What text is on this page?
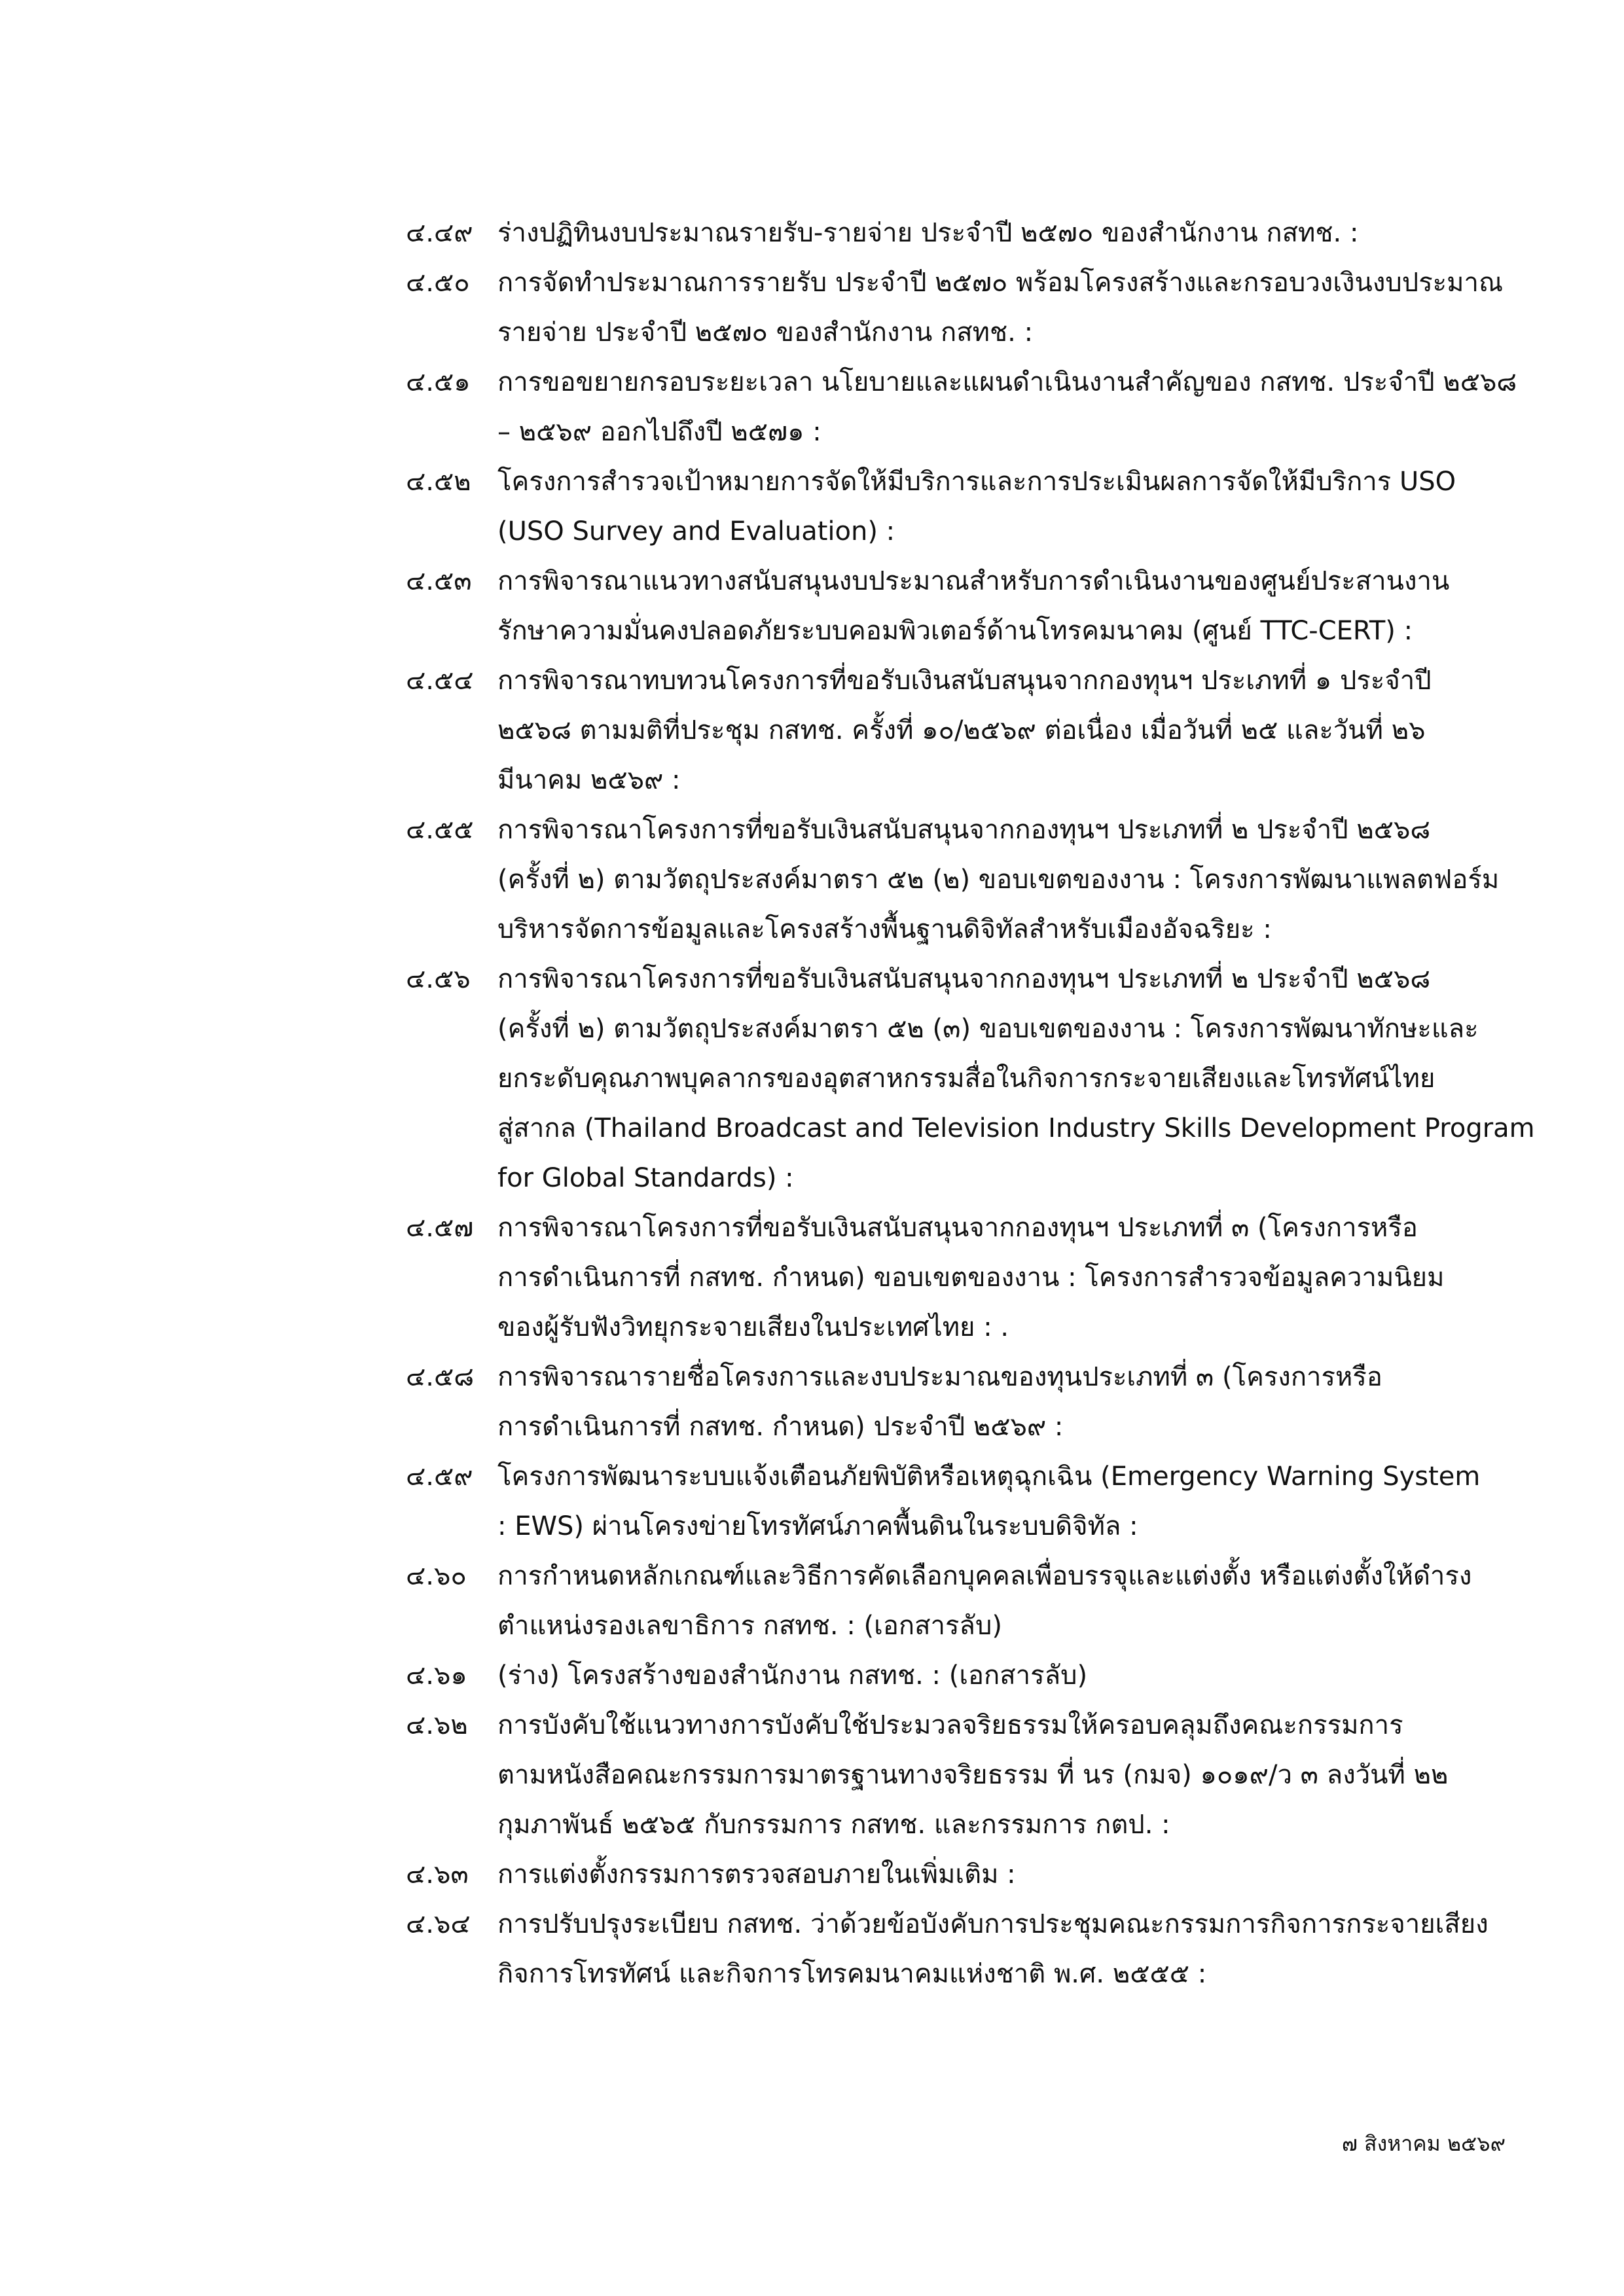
๔.๔๙ ร่างปฏิทินงบประมาณรายรับ-รายจ่าย ประจำปี ๒๕๗๐ ของสำนักงาน กสทช. :
๔.๕๐	การจัดทำประมาณการรายรับ ประจำปี ๒๕๗๐ พร้อมโครงสร้างและกรอบวงเงินงบประมาณ
รายจ่าย ประจำปี ๒๕๗๐ ของสำนักงาน กสทช. :
๔.๕๑	การขอขยายกรอบระยะเวลา นโยบายและแผนดำเนินงานสำคัญของ กสทช. ประจำปี ๒๕๖๘
– ๒๕๖๙ ออกไปถึงปี ๒๕๗๑ :
๔.๕๒	โครงการสำรวจเป้าหมายการจัดให้มีบริการและการประเมินผลการจัดให้มีบริการ USO
(USO Survey and Evaluation) :
๔.๕๓ การพิจารณาแนวทางสนับสนุนงบประมาณสำหรับการดำเนินงานของศูนย์ประสานงาน
รักษาความมั่นคงปลอดภัยระบบคอมพิวเตอร์ด้านโทรคมนาคม (ศูนย์ TTC-CERT) :
๔.๕๔ การพิจารณาทบทวนโครงการที่ขอรับเงินสนับสนุนจากกองทุนฯ ประเภทที่ ๑ ประจำปี
๒๕๖๘ ตามมติที่ประชุม กสทช. ครั้งที่ ๑๐/๒๕๖๙ ต่อเนื่อง เมื่อวันที่ ๒๕ และวันที่ ๒๖
มีนาคม ๒๕๖๙ :
๔.๕๕ การพิจารณาโครงการที่ขอรับเงินสนับสนุนจากกองทุนฯ ประเภทที่ ๒ ประจำปี ๒๕๖๘
(ครั้งที่ ๒) ตามวัตถุประสงค์มาตรา ๕๒ (๒) ขอบเขตของงาน : โครงการพัฒนาแพลตฟอร์ม
บริหารจัดการข้อมูลและโครงสร้างพื้นฐานดิจิทัลสำหรับเมืองอัจฉริยะ :
๔.๕๖	การพิจารณาโครงการที่ขอรับเงินสนับสนุนจากกองทุนฯ ประเภทที่ ๒ ประจำปี ๒๕๖๘
(ครั้งที่ ๒) ตามวัตถุประสงค์มาตรา ๕๒ (๓) ขอบเขตของงาน : โครงการพัฒนาทักษะและ
ยกระดับคุณภาพบุคลากรของอุตสาหกรรมสื่อในกิจการกระจายเสียงและโทรทัศน์ไทย
สู่สากล (Thailand Broadcast and Television Industry Skills Development Program
for Global Standards) :
๔.๕๗ การพิจารณาโครงการที่ขอรับเงินสนับสนุนจากกองทุนฯ ประเภทที่ ๓ (โครงการหรือ
การดำเนินการที่ กสทช. กำหนด) ขอบเขตของงาน : โครงการสำรวจข้อมูลความนิยม
ของผู้รับฟังวิทยุกระจายเสียงในประเทศไทย : .
๔.๕๘ การพิจารณารายชื่อโครงการและงบประมาณของทุนประเภทที่ ๓ (โครงการหรือ
การดำเนินการที่ กสทช. กำหนด) ประจำปี ๒๕๖๙ :
๔.๕๙ โครงการพัฒนาระบบแจ้งเตือนภัยพิบัติหรือเหตุฉุกเฉิน (Emergency Warning System
: EWS) ผ่านโครงข่ายโทรทัศน์ภาคพื้นดินในระบบดิจิทัล :
๔.๖๐	การกำหนดหลักเกณฑ์และวิธีการคัดเลือกบุคคลเพื่อบรรจุและแต่งตั้ง หรือแต่งตั้งให้ดำรง
ตำแหน่งรองเลขาธิการ กสทช. : (เอกสารลับ)
๔.๖๑	(ร่าง) โครงสร้างของสำนักงาน กสทช. : (เอกสารลับ)
๔.๖๒	การบังคับใช้แนวทางการบังคับใช้ประมวลจริยธรรมให้ครอบคลุมถึงคณะกรรมการ
ตามหนังสือคณะกรรมการมาตรฐานทางจริยธรรม ที่ นร (กมจ) ๑๐๑๙/ว ๓ ลงวันที่ ๒๒
กุมภาพันธ์ ๒๕๖๕ กับกรรมการ กสทช. และกรรมการ กตป. :
๔.๖๓	การแต่งตั้งกรรมการตรวจสอบภายในเพิ่มเติม :
๔.๖๔	การปรับปรุงระเบียบ กสทช. ว่าด้วยข้อบังคับการประชุมคณะกรรมการกิจการกระจายเสียง
กิจการโทรทัศน์ และกิจการโทรคมนาคมแห่งชาติ พ.ศ. ๒๕๕๕ :
๗ สิงหาคม ๒๕๖๙
